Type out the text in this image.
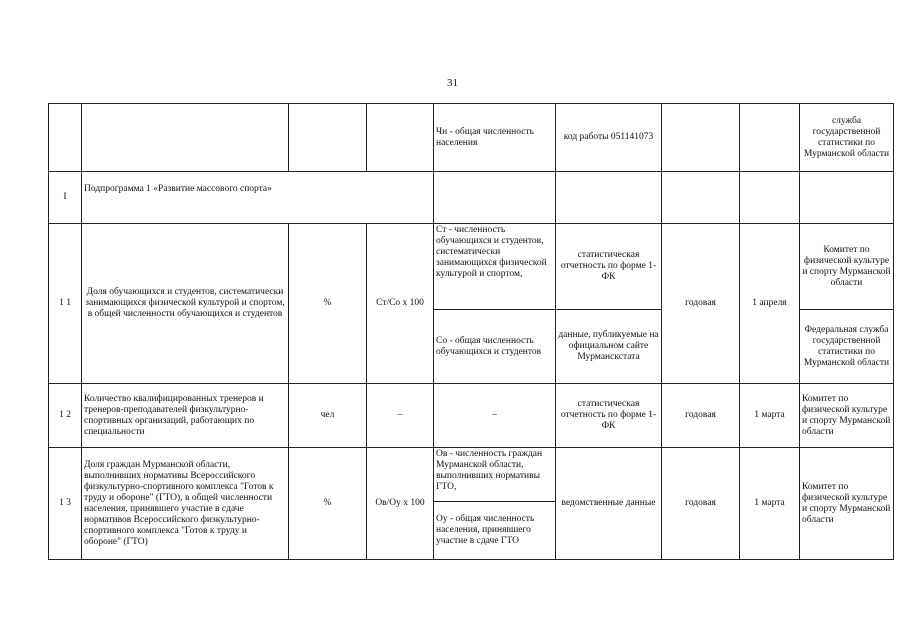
31
				Чн - общая численность населения	код работы 051141073			служба государственной статистики по Мурманской области
I	Подпрограмма 1 «Развитие массового спорта»							
1 1	Доля обучающихся и студентов, систематически занимающихся физической культурой и спортом, в общей численности обучающихся и студентов	%	Ст/Со х 100	Ст - численность обучающихся и студентов, систематически занимающихся физической культурой и спортом,	статистическая отчетность по форме 1-ФК	годовая	1 апреля	Комитет по физической культуре и спорту Мурманской области
				Со - общая численность обучающихся и студентов	данные, публикуемые на официальном сайте Мурманскстата			Федеральная служба государственной статистики по Мурманской области
1 2	Количество квалифицированных тренеров и тренеров-преподавателей физкультурно-спортивных организаций, работающих по специальности	чел	–	–	статистическая отчетность по форме 1-ФК	годовая	1 марта	Комитет по физической культуре и спорту Мурманской области
1 3	Доля граждан Мурманской области, выполнивших нормативы Всероссийского физкультурно-спортивного комплекса "Готов к труду и обороне" (ГТО), в общей численности населения, принявшего участие в сдаче нормативов Всероссийского физкультурно-спортивного комплекса "Готов к труду и обороне" (ГТО)	%	Ов/Оу х 100	Ов - численность граждан Мурманской области, выполнивших нормативы ГТО,	ведомственные данные	годовая	1 марта	Комитет по физической культуре и спорту Мурманской области
				Оу - общая численность населения, принявшего участие в сдаче ГТО				
